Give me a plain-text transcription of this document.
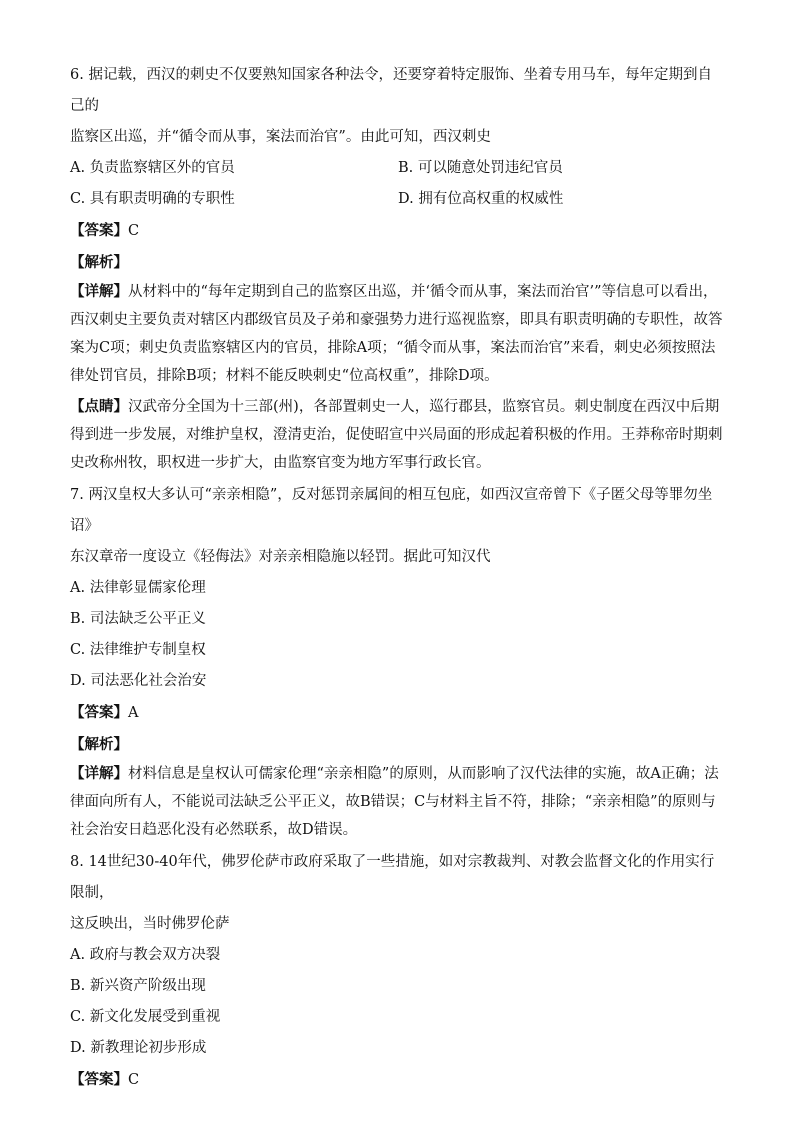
6. 据记载，西汉的刺史不仅要熟知国家各种法令，还要穿着特定服饰、坐着专用马车，每年定期到自己的
监察区出巡，并“循令而从事，案法而治官”。由此可知，西汉刺史
A. 负责监察辖区外的官员	B. 可以随意处罚违纪官员
C. 具有职责明确的专职性	D. 拥有位高权重的权威性
【答案】C
【解析】
【详解】从材料中的“每年定期到自己的监察区出巡，并‘循令而从事，案法而治官’”等信息可以看出，西汉刺史主要负责对辖区内郡级官员及子弟和豪强势力进行巡视监察，即具有职责明确的专职性，故答案为C项；刺史负责监察辖区内的官员，排除A项；“循令而从事，案法而治官”来看，刺史必须按照法律处罚官员，排除B项；材料不能反映刺史“位高权重”，排除D项。
【点睛】汉武帝分全国为十三部(州)，各部置刺史一人，巡行郡县，监察官员。刺史制度在西汉中后期得到进一步发展，对维护皇权，澄清吏治，促使昭宣中兴局面的形成起着积极的作用。王莽称帝时期刺史改称州牧，职权进一步扩大，由监察官变为地方军事行政长官。
7. 两汉皇权大多认可“亲亲相隐”，反对惩罚亲属间的相互包庇，如西汉宣帝曾下《子匿父母等罪勿坐诏》
东汉章帝一度设立《轻侮法》对亲亲相隐施以轻罚。据此可知汉代
A. 法律彰显儒家伦理
B. 司法缺乏公平正义
C. 法律维护专制皇权
D. 司法恶化社会治安
【答案】A
【解析】
【详解】材料信息是皇权认可儒家伦理“亲亲相隐”的原则，从而影响了汉代法律的实施，故A正确；法律面向所有人，不能说司法缺乏公平正义，故B错误；C与材料主旨不符，排除；“亲亲相隐”的原则与社会治安日趋恶化没有必然联系，故D错误。
8. 14世纪30-40年代，佛罗伦萨市政府采取了一些措施，如对宗教裁判、对教会监督文化的作用实行限制，
这反映出，当时佛罗伦萨
A. 政府与教会双方决裂
B. 新兴资产阶级出现
C. 新文化发展受到重视
D. 新教理论初步形成
【答案】C
